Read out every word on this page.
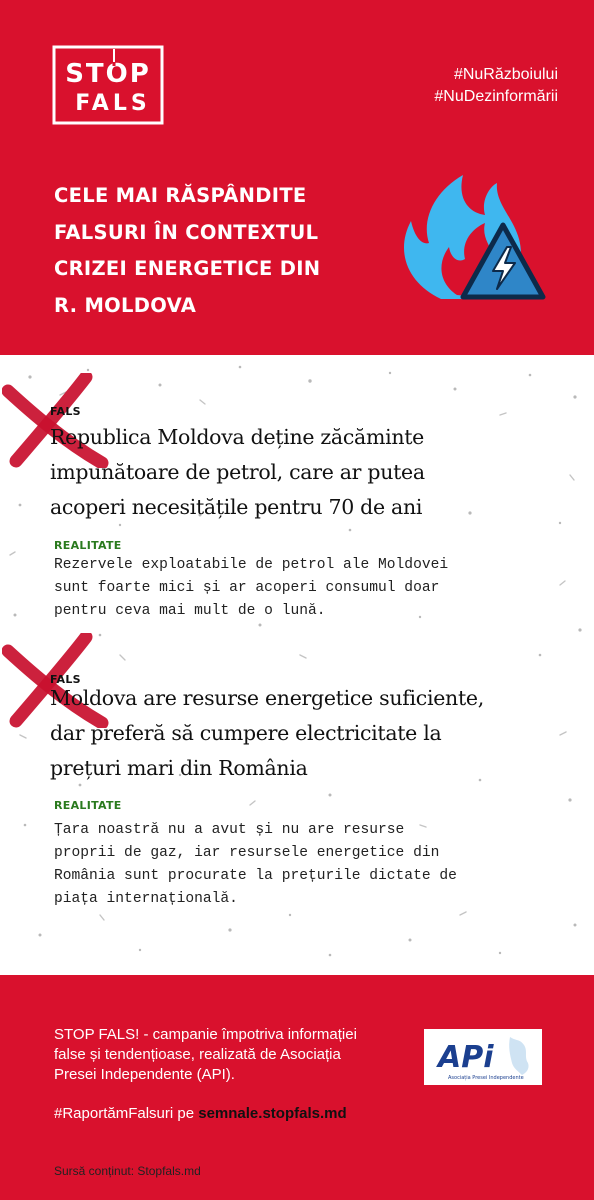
STOP
FALS
#NuRăzboiului
#NuDezinformării
CELE MAI RĂSPÂNDITE
FALSURI ÎN CONTEXTUL
CRIZEI ENERGETICE DIN
R. MOLDOVA
FALS
Republica Moldova deține zăcăminte
impunătoare de petrol, care ar putea
acoperi necesitățile pentru 70 de ani
REALITATE
Rezervele exploatabile de petrol ale Moldovei
sunt foarte mici și ar acoperi consumul doar
pentru ceva mai mult de o lună.
FALS
Moldova are resurse energetice suficiente,
dar preferă să cumpere electricitate la
prețuri mari din România
REALITATE
Țara noastră nu a avut și nu are resurse
proprii de gaz, iar resursele energetice din
România sunt procurate la prețurile dictate de
piața internațională.
STOP FALS! - campanie împotriva informației
false și tendențioase, realizată de Asociația
Presei Independente (API).
#RaportămFalsuri pe semnale.stopfals.md
APi
Asociația Presei Independente
Sursă conținut: Stopfals.md
